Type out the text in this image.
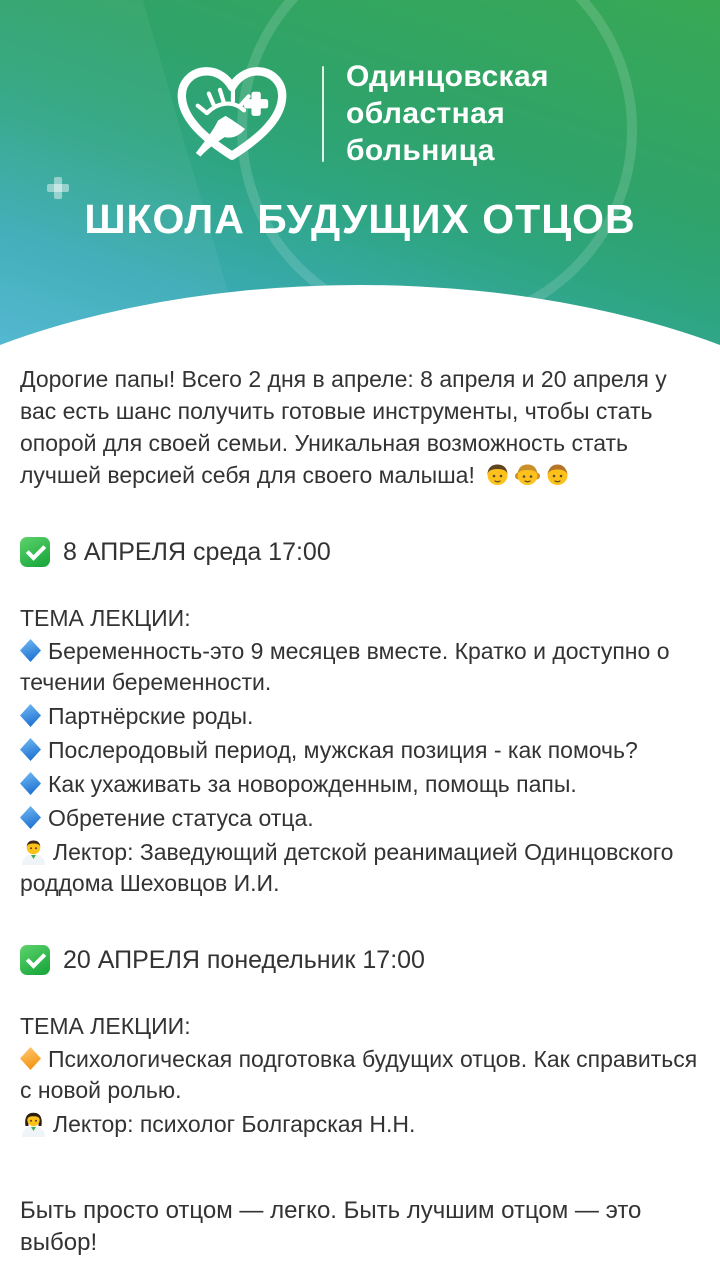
Одинцовская
областная
больница
ШКОЛА БУДУЩИХ ОТЦОВ

Дорогие папы! Всего 2 дня в апреле: 8 апреля и 20 апреля у вас есть шанс получить готовые инструменты, чтобы стать опорой для своей семьи. Уникальная возможность стать лучшей версией себя для своего малыша!

8 АПРЕЛЯ среда 17:00

ТЕМА ЛЕКЦИИ:

Беременность-это 9 месяцев вместе. Кратко и доступно о течении беременности.

Партнёрские роды.

Послеродовый период, мужская позиция - как помочь?

Как ухаживать за новорожденным, помощь папы.

Обретение статуса отца.

Лектор: Заведующий детской реанимацией Одинцовского роддома Шеховцов И.И.

20 АПРЕЛЯ понедельник 17:00

ТЕМА ЛЕКЦИИ:

Психологическая подготовка будущих отцов. Как справиться с новой ролью.

Лектор: психолог Болгарская Н.Н.

Быть просто отцом — легко. Быть лучшим отцом — это выбор!
